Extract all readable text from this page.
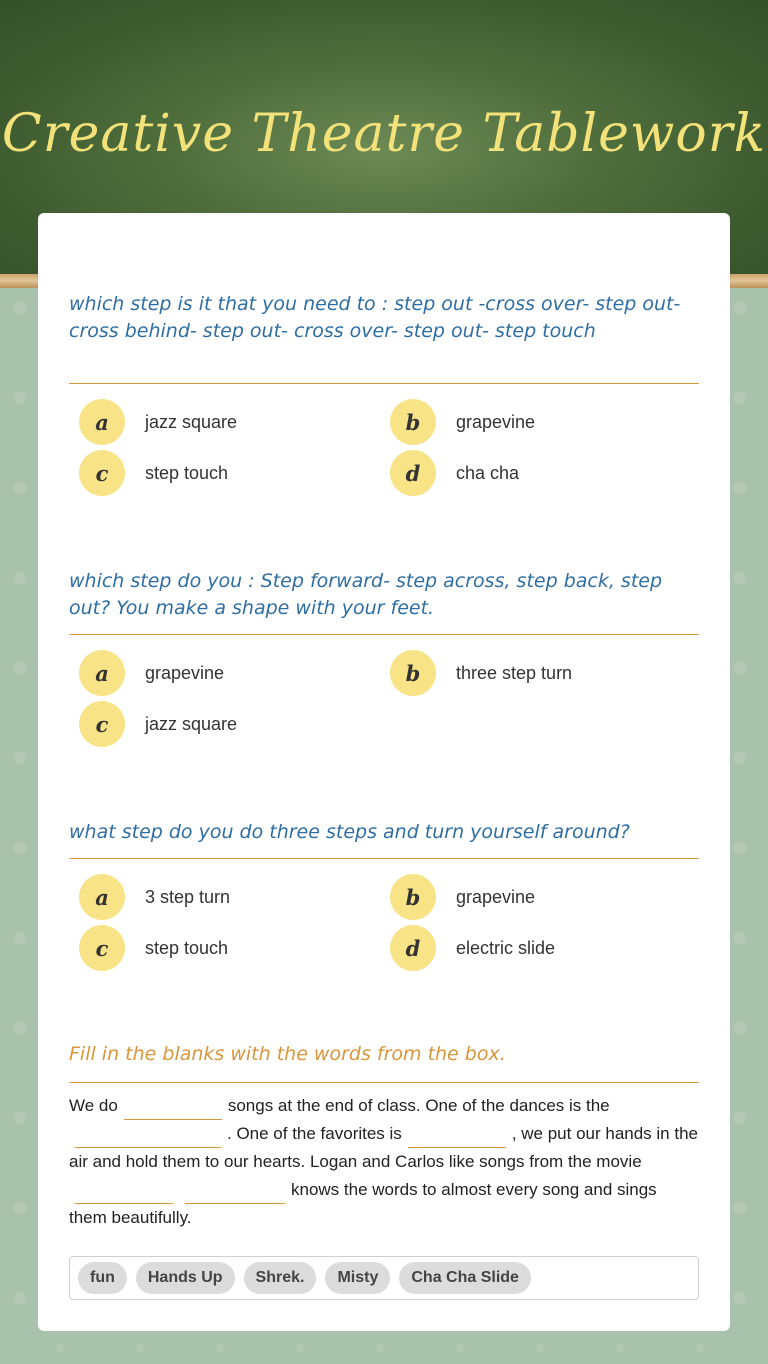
Creative Theatre Tablework
which step is it that you need to : step out -cross over- step out- cross behind- step out- cross over- step out- step touch
a	jazz square	b	grapevine
c	step touch	d	cha cha
which step do you : Step forward- step across, step back, step out? You make a shape with your feet.
a	grapevine	b	three step turn
c	jazz square
what step do you do three steps and turn yourself around?
a	3 step turn	b	grapevine
c	step touch	d	electric slide
Fill in the blanks with the words from the box.
We do	songs at the end of class. One of the dances is the. One of the favorites is	, we put our hands in the air and hold them to our hearts. Logan and Carlos like songs from the movieknows the words to almost every song and sings them beautifully.
fun	Hands Up	Shrek.	Misty	Cha Cha Slide
